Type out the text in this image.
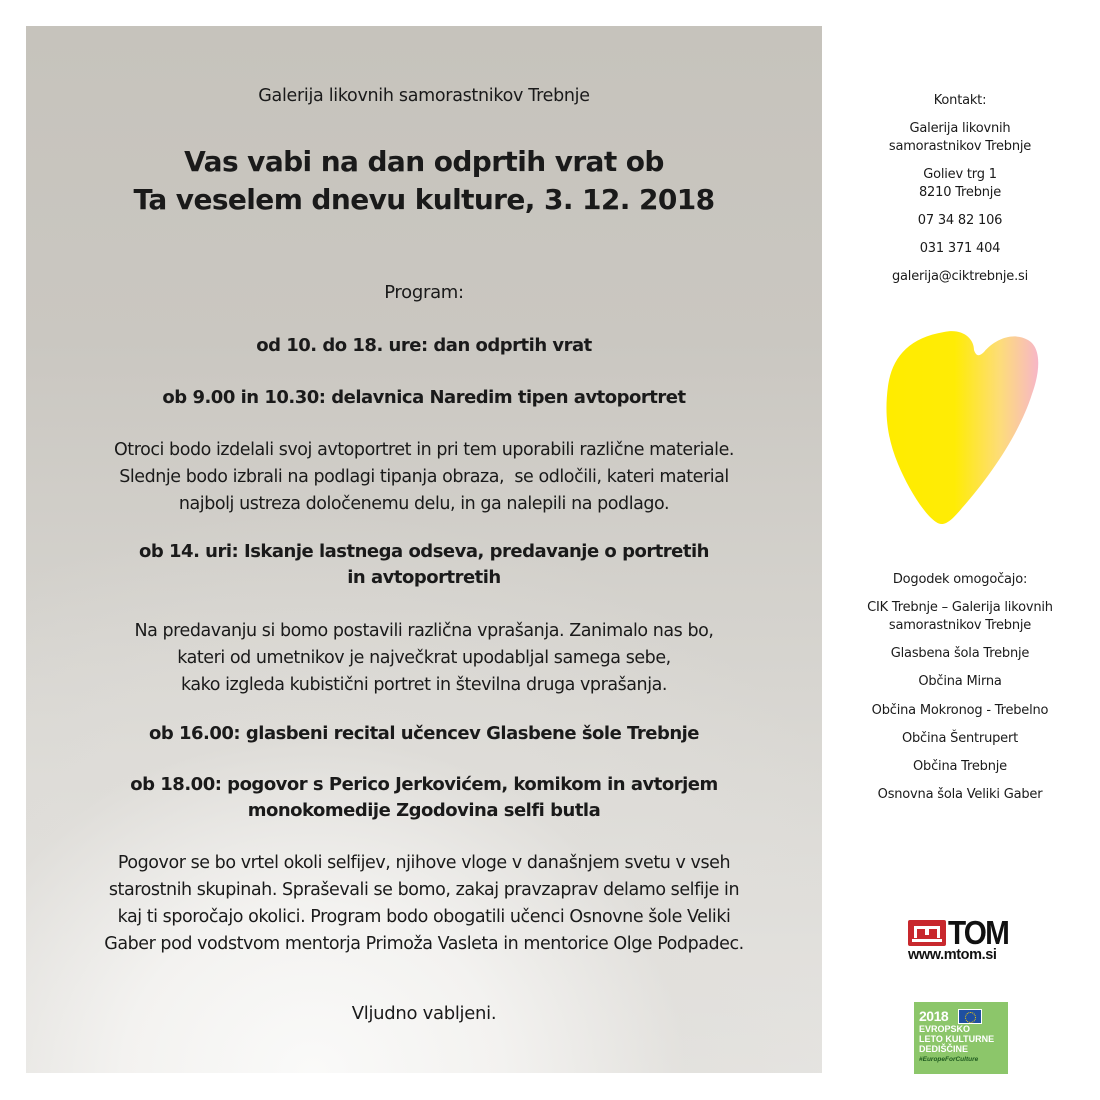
Galerija likovnih samorastnikov Trebnje
Vas vabi na dan odprtih vrat ob
Ta veselem dnevu kulture, 3. 12. 2018
Program:
od 10. do 18. ure: dan odprtih vrat
ob 9.00 in 10.30: delavnica Naredim tipen avtoportret
Otroci bodo izdelali svoj avtoportret in pri tem uporabili različne materiale.
Slednje bodo izbrali na podlagi tipanja obraza,  se odločili, kateri material
najbolj ustreza določenemu delu, in ga nalepili na podlago.
ob 14. uri: Iskanje lastnega odseva, predavanje o portretih
in avtoportretih
Na predavanju si bomo postavili različna vprašanja. Zanimalo nas bo,
kateri od umetnikov je največkrat upodabljal samega sebe,
kako izgleda kubistični portret in številna druga vprašanja.
ob 16.00: glasbeni recital učencev Glasbene šole Trebnje
ob 18.00: pogovor s Perico Jerkovićem, komikom in avtorjem
monokomedije Zgodovina selfi butla
Pogovor se bo vrtel okoli selfijev, njihove vloge v današnjem svetu v vseh
starostnih skupinah. Spraševali se bomo, zakaj pravzaprav delamo selfije in
kaj ti sporočajo okolici. Program bodo obogatili učenci Osnovne šole Veliki
Gaber pod vodstvom mentorja Primoža Vasleta in mentorice Olge Podpadec.
Vljudno vabljeni.
Kontakt:
Galerija likovnih
samorastnikov Trebnje
Goliev trg 1
8210 Trebnje
07 34 82 106
031 371 404
galerija@ciktrebnje.si
Dogodek omogočajo:
CIK Trebnje – Galerija likovnih
samorastnikov Trebnje
Glasbena šola Trebnje
Občina Mirna
Občina Mokronog - Trebelno
Občina Šentrupert
Občina Trebnje
Osnovna šola Veliki Gaber
TOM
www.mtom.si
2018
EVROPSKO
LETO KULTURNE
DEDIŠČINE
#EuropeForCulture
